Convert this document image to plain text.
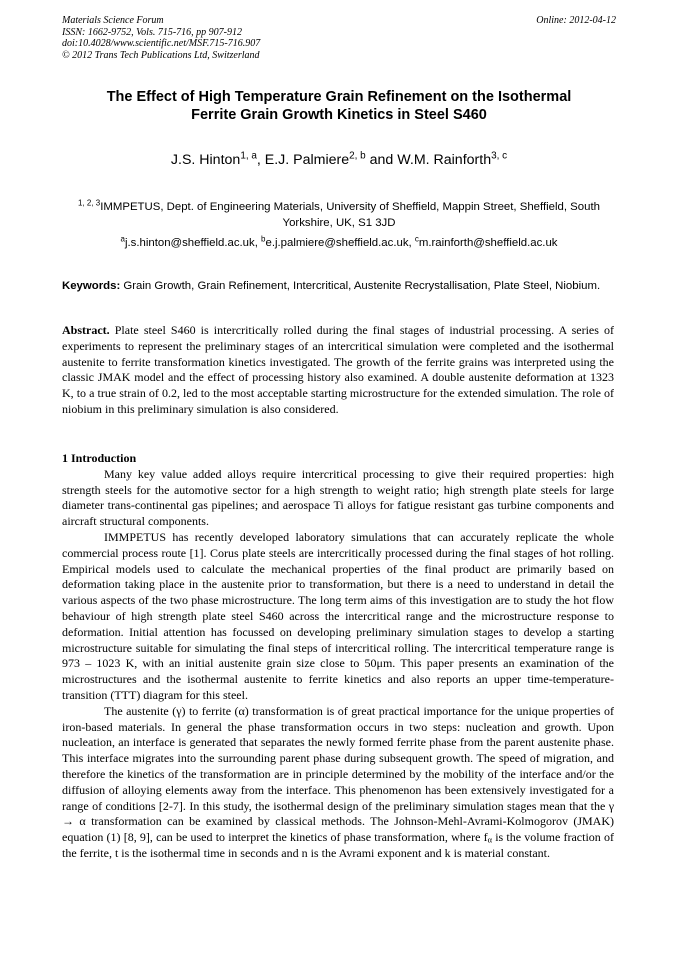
Materials Science Forum
ISSN: 1662-9752, Vols. 715-716, pp 907-912
doi:10.4028/www.scientific.net/MSF.715-716.907
© 2012 Trans Tech Publications Ltd, Switzerland
Online: 2012-04-12
The Effect of High Temperature Grain Refinement on the Isothermal
Ferrite Grain Growth Kinetics in Steel S460
J.S. Hinton$^{1, a}$, E.J. Palmiere$^{2, b}$ and W.M. Rainforth$^{3, c}$
$^{1, 2, 3}$IMMPETUS, Dept. of Engineering Materials, University of Sheffield, Mappin Street, Sheffield, South Yorkshire, UK, S1 3JD
$^a$j.s.hinton@sheffield.ac.uk, $^b$e.j.palmiere@sheffield.ac.uk, $^c$m.rainforth@sheffield.ac.uk
Keywords: Grain Growth, Grain Refinement, Intercritical, Austenite Recrystallisation, Plate Steel, Niobium.
Abstract. Plate steel S460 is intercritically rolled during the final stages of industrial processing. A series of experiments to represent the preliminary stages of an intercritical simulation were completed and the isothermal austenite to ferrite transformation kinetics investigated. The growth of the ferrite grains was interpreted using the classic JMAK model and the effect of processing history also examined. A double austenite deformation at 1323 K, to a true strain of 0.2, led to the most acceptable starting microstructure for the extended simulation. The role of niobium in this preliminary simulation is also considered.
1 Introduction

Many key value added alloys require intercritical processing to give their required properties: high strength steels for the automotive sector for a high strength to weight ratio; high strength plate steels for large diameter trans-continental gas pipelines; and aerospace Ti alloys for fatigue resistant gas turbine components and aircraft structural components.

IMMPETUS has recently developed laboratory simulations that can accurately replicate the whole commercial process route [1]. Corus plate steels are intercritically processed during the final stages of hot rolling. Empirical models used to calculate the mechanical properties of the final product are primarily based on deformation taking place in the austenite prior to transformation, but there is a need to understand in detail the various aspects of the two phase microstructure. The long term aims of this investigation are to study the hot flow behaviour of high strength plate steel S460 across the intercritical range and the microstructure response to deformation. Initial attention has focussed on developing preliminary simulation stages to develop a starting microstructure suitable for simulating the final steps of intercritical rolling. The intercritical temperature range is 973 – 1023 K, with an initial austenite grain size close to 50μm. This paper presents an examination of the microstructures and the isothermal austenite to ferrite kinetics and also reports an upper time-temperature-transition (TTT) diagram for this steel.

The austenite (γ) to ferrite (α) transformation is of great practical importance for the unique properties of iron-based materials. In general the phase transformation occurs in two steps: nucleation and growth. Upon nucleation, an interface is generated that separates the newly formed ferrite phase from the parent austenite phase. This interface migrates into the surrounding parent phase during subsequent growth. The speed of migration, and therefore the kinetics of the transformation are in principle determined by the mobility of the interface and/or the diffusion of alloying elements away from the interface. This phenomenon has been extensively investigated for a range of conditions [2-7]. In this study, the isothermal design of the preliminary simulation stages mean that the γ → α transformation can be examined by classical methods. The Johnson-Mehl-Avrami-Kolmogorov (JMAK) equation (1) [8, 9], can be used to interpret the kinetics of phase transformation, where $f_\alpha$ is the volume fraction of the ferrite, t is the isothermal time in seconds and n is the Avrami exponent and k is material constant.
